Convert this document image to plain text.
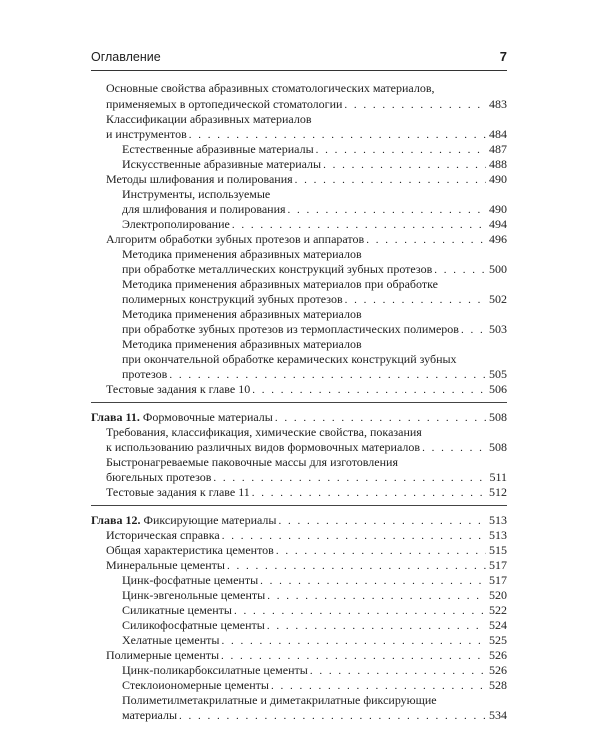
Оглавление	7
Основные свойства абразивных стоматологических материалов,
применяемых в ортопедической стоматологии . . .	483
Классификации абразивных материалов
и инструментов . . .	484
Естественные абразивные материалы . . .	487
Искусственные абразивные материалы . . .	488
Методы шлифования и полирования . . .	490
Инструменты, используемые
для шлифования и полирования . . .	490
Электрополирование . . .	494
Алгоритм обработки зубных протезов и аппаратов . . .	496
Методика применения абразивных материалов
при обработке металлических конструкций зубных протезов . . .	500
Методика применения абразивных материалов при обработке
полимерных конструкций зубных протезов . . .	502
Методика применения абразивных материалов
при обработке зубных протезов из термопластических полимеров . . .	503
Методика применения абразивных материалов
при окончательной обработке керамических конструкций зубных
протезов . . .	505
Тестовые задания к главе 10 . . .	506
Глава 11. Формовочные материалы . . .	508
Требования, классификация, химические свойства, показания
к использованию различных видов формовочных материалов . . .	508
Быстронагреваемые паковочные массы для изготовления
бюгельных протезов . . .	511
Тестовые задания к главе 11 . . .	512
Глава 12. Фиксирующие материалы . . .	513
Историческая справка . . .	513
Общая характеристика цементов . . .	515
Минеральные цементы . . .	517
Цинк-фосфатные цементы . . .	517
Цинк-эвгенольные цементы . . .	520
Силикатные цементы . . .	522
Силикофосфатные цементы . . .	524
Хелатные цементы . . .	525
Полимерные цементы . . .	526
Цинк-поликарбоксилатные цементы . . .	526
Стеклоиономерные цементы . . .	528
Полиметилметакрилатные и диметакрилатные фиксирующие
материалы . . .	534
